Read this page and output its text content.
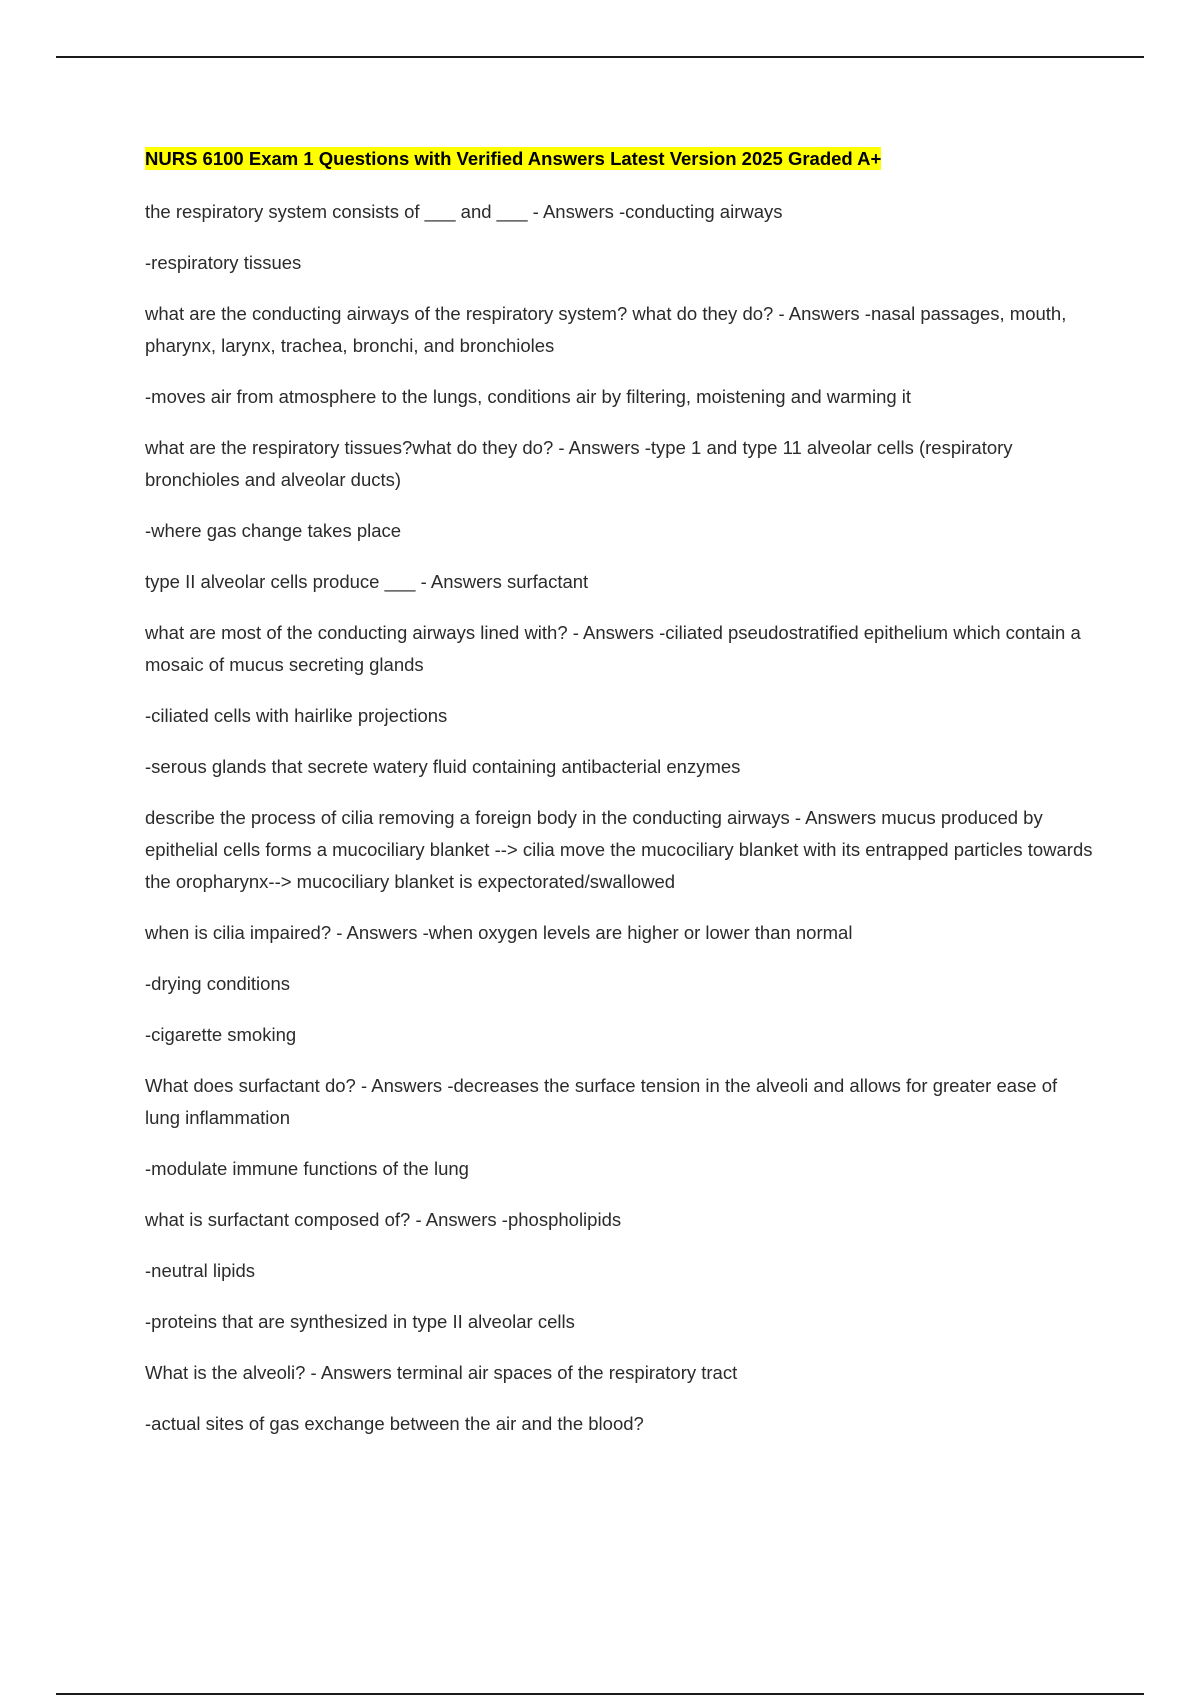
NURS 6100 Exam 1 Questions with Verified Answers Latest Version 2025 Graded A+

the respiratory system consists of ___ and ___ - Answers -conducting airways

-respiratory tissues

what are the conducting airways of the respiratory system? what do they do? - Answers -nasal passages, mouth, pharynx, larynx, trachea, bronchi, and bronchioles

-moves air from atmosphere to the lungs, conditions air by filtering, moistening and warming it

what are the respiratory tissues?what do they do? - Answers -type 1 and type 11 alveolar cells (respiratory bronchioles and alveolar ducts)

-where gas change takes place

type II alveolar cells produce ___ - Answers surfactant

what are most of the conducting airways lined with? - Answers -ciliated pseudostratified epithelium which contain a mosaic of mucus secreting glands

-ciliated cells with hairlike projections

-serous glands that secrete watery fluid containing antibacterial enzymes

describe the process of cilia removing a foreign body in the conducting airways - Answers mucus produced by epithelial cells forms a mucociliary blanket --> cilia move the mucociliary blanket with its entrapped particles towards the oropharynx--> mucociliary blanket is expectorated/swallowed

when is cilia impaired? - Answers -when oxygen levels are higher or lower than normal

-drying conditions

-cigarette smoking

What does surfactant do? - Answers -decreases the surface tension in the alveoli and allows for greater ease of lung inflammation

-modulate immune functions of the lung

what is surfactant composed of? - Answers -phospholipids

-neutral lipids

-proteins that are synthesized in type II alveolar cells

What is the alveoli? - Answers terminal air spaces of the respiratory tract

-actual sites of gas exchange between the air and the blood?
